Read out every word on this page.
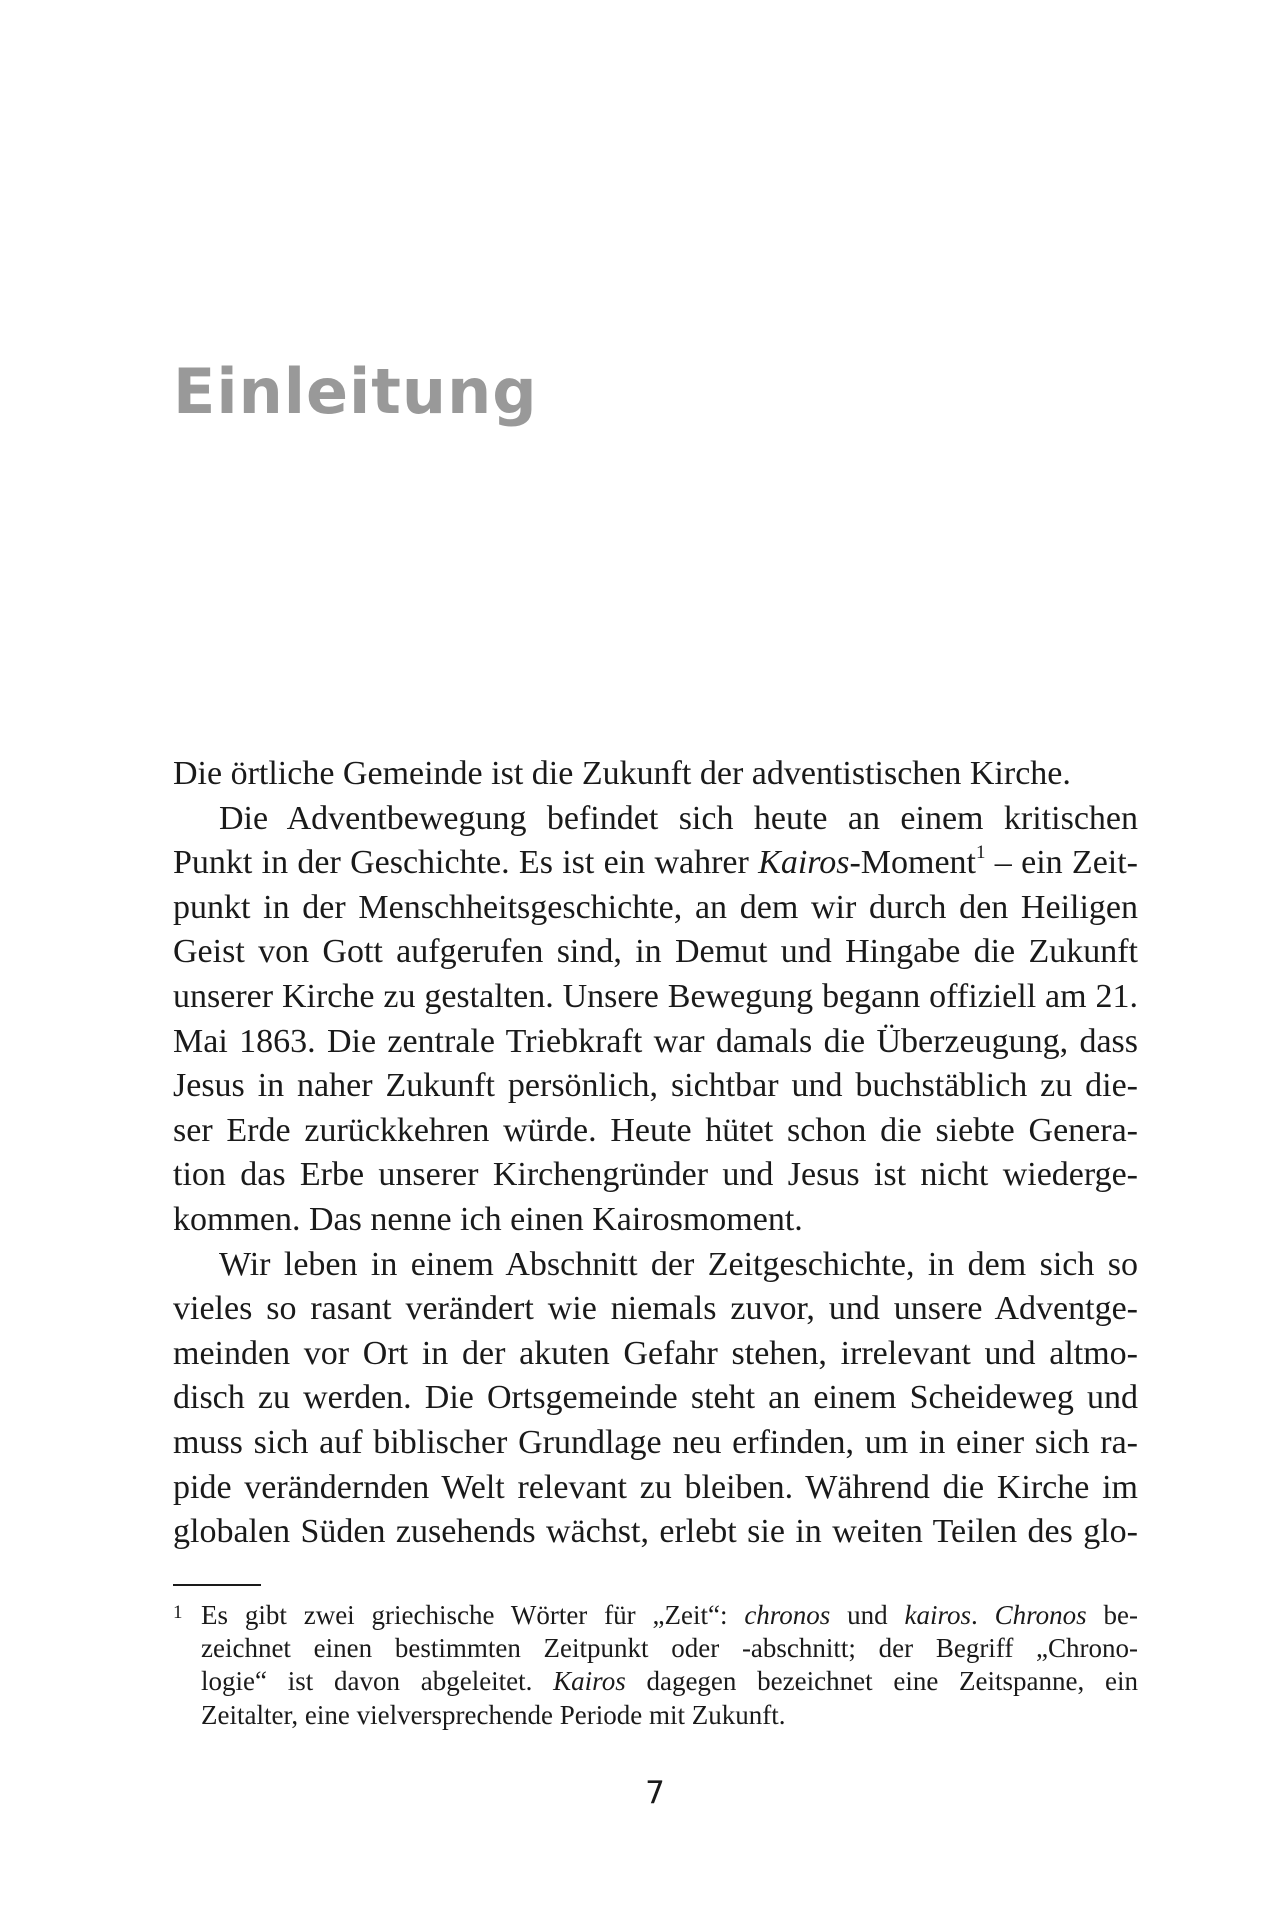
Einleitung
Die örtliche Gemeinde ist die Zukunft der adventistischen Kirche.
Die Adventbewegung befindet sich heute an einem kritischen
Punkt in der Geschichte. Es ist ein wahrer Kairos-Moment$^1$ – ein Zeit-
punkt in der Menschheitsgeschichte, an dem wir durch den Heiligen
Geist von Gott aufgerufen sind, in Demut und Hingabe die Zukunft
unserer Kirche zu gestalten. Unsere Bewegung begann offiziell am 21.
Mai 1863. Die zentrale Triebkraft war damals die Überzeugung, dass
Jesus in naher Zukunft persönlich, sichtbar und buchstäblich zu die-
ser Erde zurückkehren würde. Heute hütet schon die siebte Genera-
tion das Erbe unserer Kirchengründer und Jesus ist nicht wiederge-
kommen. Das nenne ich einen Kairosmoment.
Wir leben in einem Abschnitt der Zeitgeschichte, in dem sich so
vieles so rasant verändert wie niemals zuvor, und unsere Adventge-
meinden vor Ort in der akuten Gefahr stehen, irrelevant und altmo-
disch zu werden. Die Ortsgemeinde steht an einem Scheideweg und
muss sich auf biblischer Grundlage neu erfinden, um in einer sich ra-
pide verändernden Welt relevant zu bleiben. Während die Kirche im
globalen Süden zusehends wächst, erlebt sie in weiten Teilen des glo-
1 Es gibt zwei griechische Wörter für „Zeit“: chronos und kairos. Chronos be-
zeichnet einen bestimmten Zeitpunkt oder -abschnitt; der Begriff „Chrono-
logie“ ist davon abgeleitet. Kairos dagegen bezeichnet eine Zeitspanne, ein
Zeitalter, eine vielversprechende Periode mit Zukunft.
7
